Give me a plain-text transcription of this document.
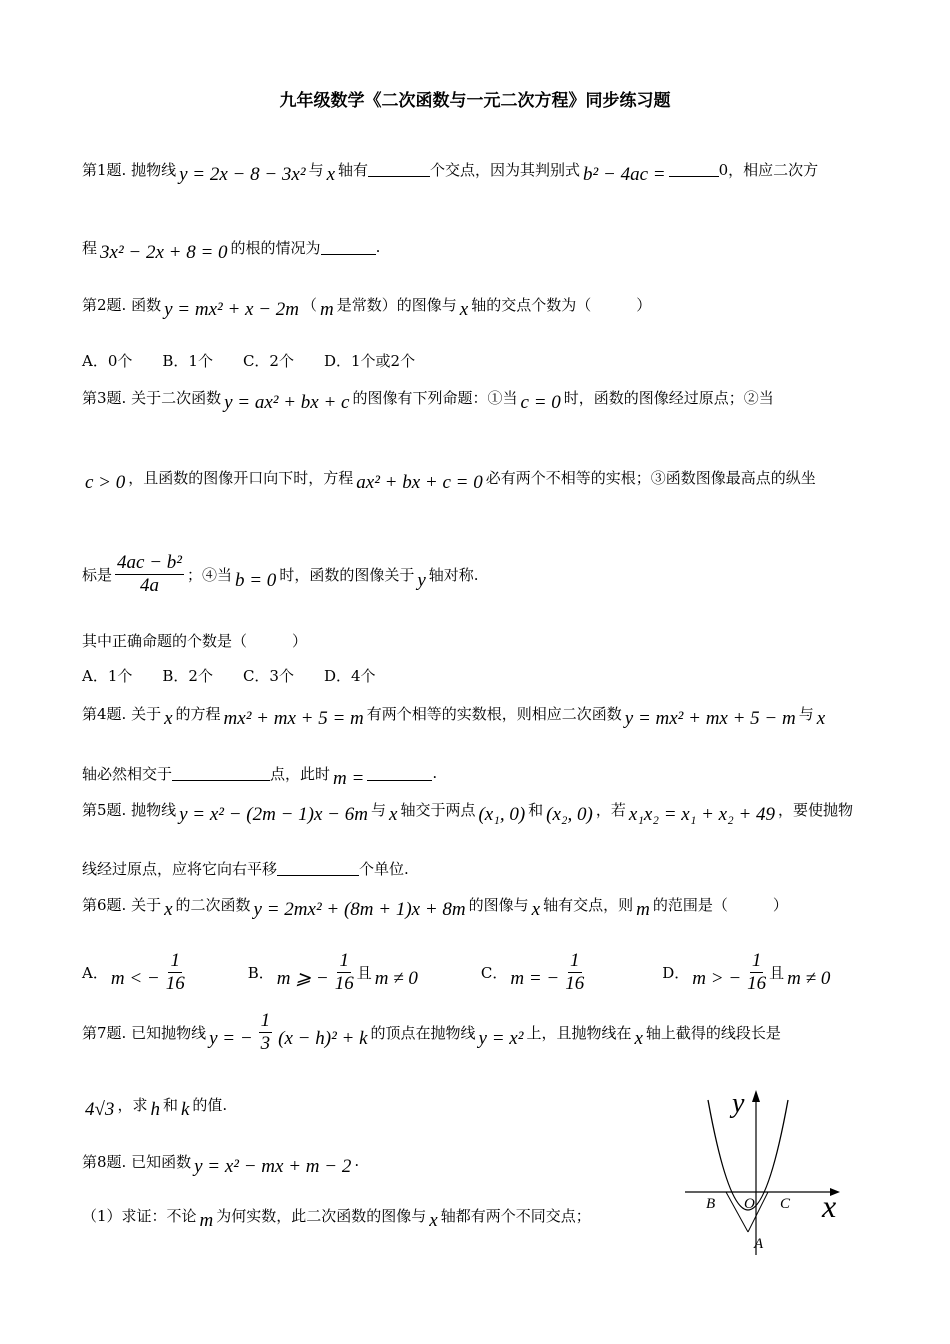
九年级数学《二次函数与一元二次方程》同步练习题
第1题. 抛物线 y = 2x − 8 − 3x² 与 x 轴有	个交点，因为其判别式 b² − 4ac =	0，相应二次方
程 3x² − 2x + 8 = 0 的根的情况为	.
第2题. 函数 y = mx² + x − 2m （ m 是常数）的图像与 x 轴的交点个数为（　　　）
A．0个　　B．1个　　C．2个　　D．1个或2个
第3题. 关于二次函数 y = ax² + bx + c 的图像有下列命题：①当 c = 0 时，函数的图像经过原点；②当
c > 0 ，且函数的图像开口向下时，方程 ax² + bx + c = 0 必有两个不相等的实根；③函数图像最高点的纵坐
标是 $\frac{\text{4ac − b²}}{4a}$ ；④当 b = 0 时，函数的图像关于 y 轴对称.
其中正确命题的个数是（　　　）
A．1个　　B．2个　　C．3个　　D．4个
第4题. 关于 x 的方程 mx² + mx + 5 = m 有两个相等的实数根，则相应二次函数 y = mx² + mx + 5 − m 与 x
轴必然相交于	点，此时 m =	.
第5题. 抛物线 y = x² − (2m − 1)x − 6m 与 x 轴交于两点 (x₁, 0) 和 (x₂, 0) ，若 x₁x₂ = x₁ + x₂ + 49 ，要使抛物
线经过原点，应将它向右平移	个单位.
第6题. 关于 x 的二次函数 y = 2mx² + (8m + 1)x + 8m 的图像与 x 轴有交点，则 m 的范围是（　　　）
A． m < − $\frac{1}{16}$ 　　　　B． m ⩾ − $\frac{1}{16}$ 且 m ≠ 0 　　　　C． m = − $\frac{1}{16}$ 　　　　　D． m > − $\frac{1}{16}$ 且 m ≠ 0
第7题. 已知抛物线 y = − $\frac{1}{3} (x - h)^2 + k$ 的顶点在抛物线 y = x² 上，且抛物线在 x 轴上截得的线段长是
4√3 ，求 h 和 k 的值.
第8题. 已知函数 y = x² − mx + m − 2 .
（1）求证：不论 m 为何实数，此二次函数的图像与 x 轴都有两个不同交点；
y
x
B O C
A
